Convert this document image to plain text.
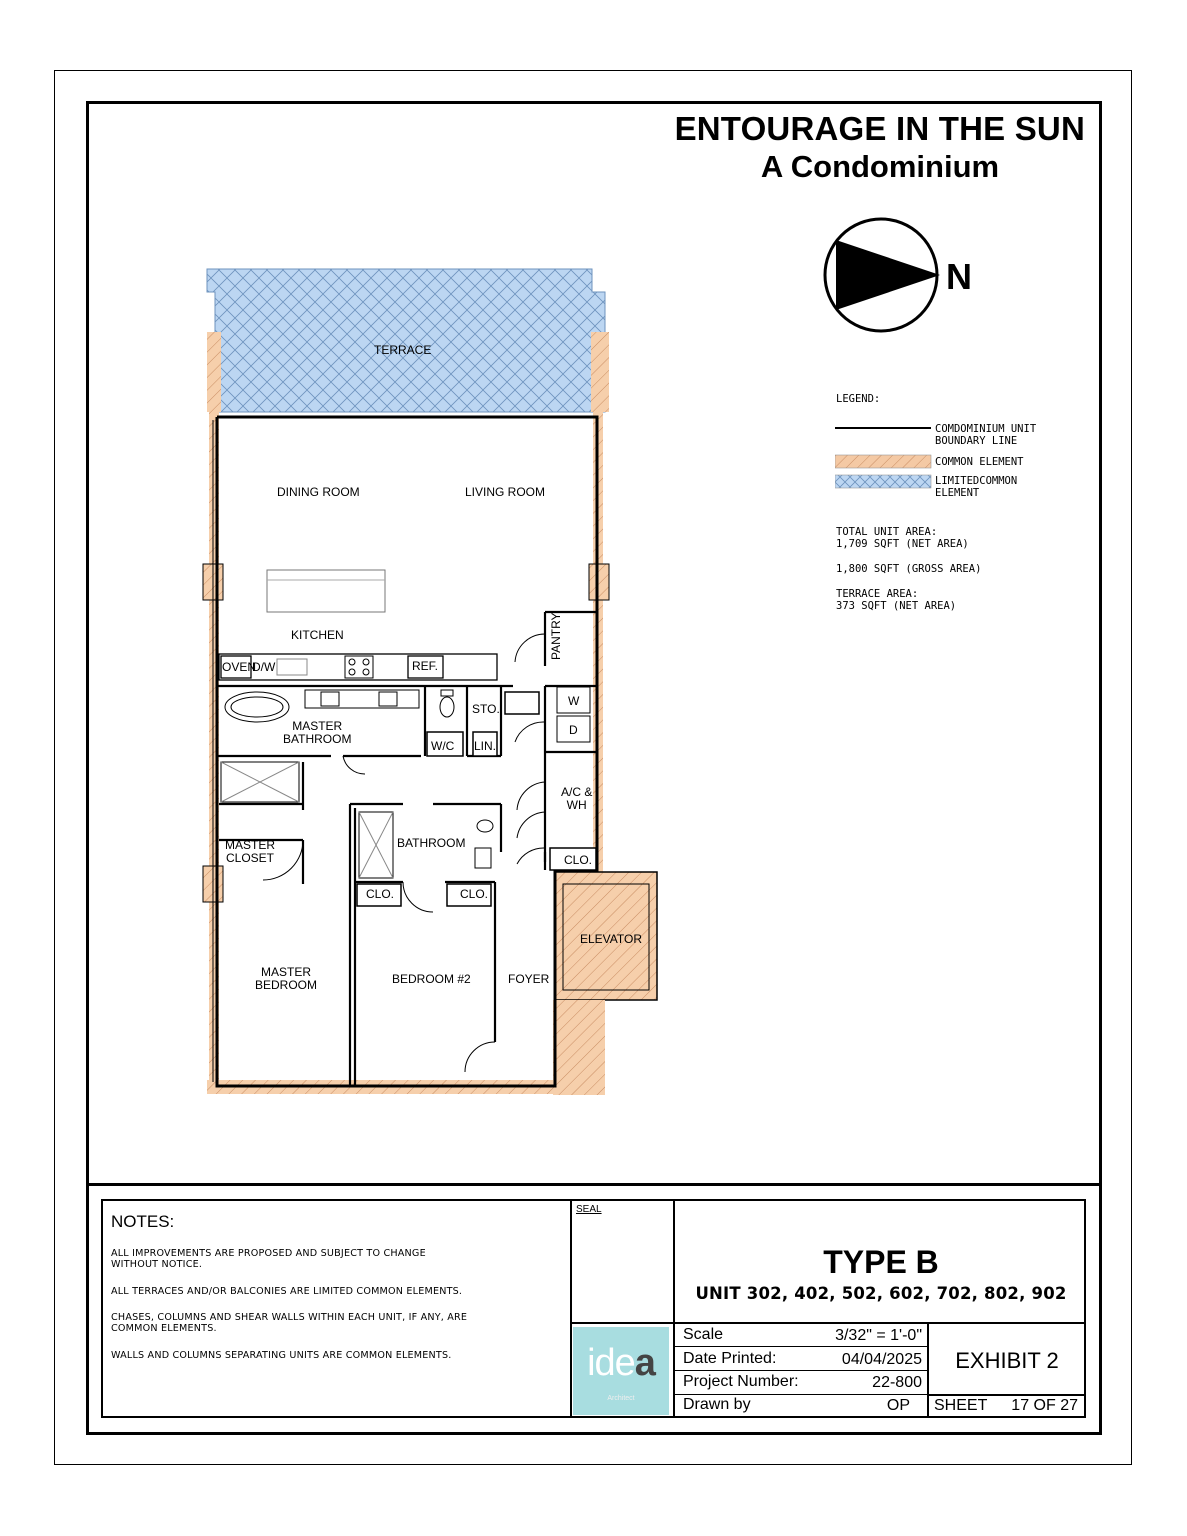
ENTOURAGE IN THE SUN
A Condominium
N
LEGEND:
COMDOMINIUM UNIT
BOUNDARY LINE
COMMON ELEMENT
LIMITEDCOMMON
ELEMENT
TOTAL UNIT AREA:
1,709 SQFT (NET AREA)
1,800 SQFT (GROSS AREA)
TERRACE AREA:
373 SQFT (NET AREA)
TERRACE
DINING ROOM	LIVING ROOM
KITCHEN	PANTRY
OVEN
D/W	REF.
MASTER
BATHROOM	W/C LIN.
STO.
W
D
A/C &
WH
CLO.
BATHROOM
MASTER
CLOSET
CLO.	CLO.
ELEVATOR
MASTER
BEDROOM	BEDROOM #2	FOYER
NOTES:
ALL IMPROVEMENTS ARE PROPOSED AND SUBJECT TO CHANGE
WITHOUT NOTICE.
ALL TERRACES AND/OR BALCONIES ARE LIMITED COMMON ELEMENTS.
CHASES, COLUMNS AND SHEAR WALLS WITHIN EACH UNIT, IF ANY, ARE
COMMON ELEMENTS.
WALLS AND COLUMNS SEPARATING UNITS ARE COMMON ELEMENTS.
SEAL
idea
Architect
TYPE B
UNIT 302, 402, 502, 602, 702, 802, 902
Scale	3/32" = 1'-0"
Date Printed:	04/04/2025
Project Number:	22-800
Drawn by	OP
EXHIBIT 2
SHEET	17 OF 27
